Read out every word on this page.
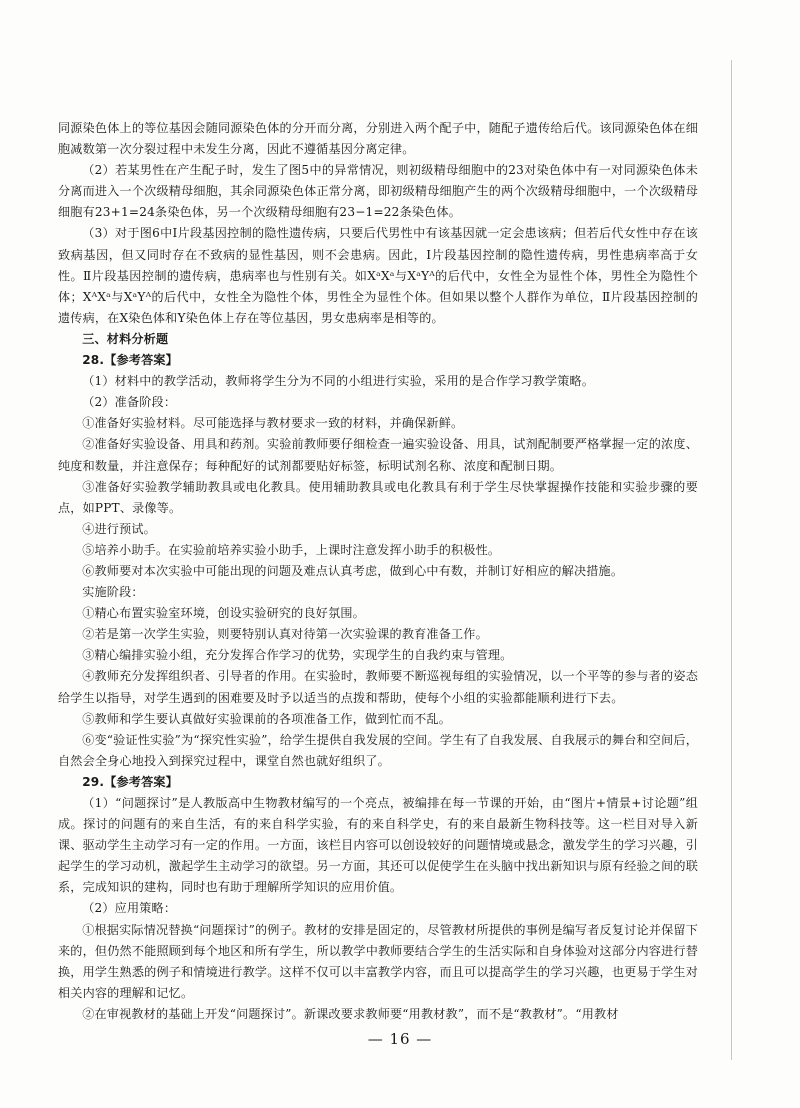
同源染色体上的等位基因会随同源染色体的分开而分离，分别进入两个配子中，随配子遗传给后代。该同源染色体在细胞减数第一次分裂过程中未发生分离，因此不遵循基因分离定律。

（2）若某男性在产生配子时，发生了图5中的异常情况，则初级精母细胞中的23对染色体中有一对同源染色体未分离而进入一个次级精母细胞，其余同源染色体正常分离，即初级精母细胞产生的两个次级精母细胞中，一个次级精母细胞有23+1=24条染色体，另一个次级精母细胞有23−1=22条染色体。

（3）对于图6中Ⅰ片段基因控制的隐性遗传病，只要后代男性中有该基因就一定会患该病；但若后代女性中存在该致病基因，但又同时存在不致病的显性基因，则不会患病。因此，Ⅰ片段基因控制的隐性遗传病，男性患病率高于女性。Ⅱ片段基因控制的遗传病，患病率也与性别有关。如XᵃXᵃ与XᵃYᴬ的后代中，女性全为显性个体，男性全为隐性个体；XᴬXᵃ与XᵃYᴬ的后代中，女性全为隐性个体，男性全为显性个体。但如果以整个人群作为单位，Ⅱ片段基因控制的遗传病，在X染色体和Y染色体上存在等位基因，男女患病率是相等的。

三、材料分析题

28.【参考答案】

（1）材料中的教学活动，教师将学生分为不同的小组进行实验，采用的是合作学习教学策略。

（2）准备阶段：

①准备好实验材料。尽可能选择与教材要求一致的材料，并确保新鲜。

②准备好实验设备、用具和药剂。实验前教师要仔细检查一遍实验设备、用具，试剂配制要严格掌握一定的浓度、纯度和数量，并注意保存；每种配好的试剂都要贴好标签，标明试剂名称、浓度和配制日期。

③准备好实验教学辅助教具或电化教具。使用辅助教具或电化教具有利于学生尽快掌握操作技能和实验步骤的要点，如PPT、录像等。

④进行预试。

⑤培养小助手。在实验前培养实验小助手，上课时注意发挥小助手的积极性。

⑥教师要对本次实验中可能出现的问题及难点认真考虑，做到心中有数，并制订好相应的解决措施。

实施阶段：

①精心布置实验室环境，创设实验研究的良好氛围。

②若是第一次学生实验，则要特别认真对待第一次实验课的教育准备工作。

③精心编排实验小组，充分发挥合作学习的优势，实现学生的自我约束与管理。

④教师充分发挥组织者、引导者的作用。在实验时，教师要不断巡视每组的实验情况，以一个平等的参与者的姿态给学生以指导，对学生遇到的困难要及时予以适当的点拨和帮助，使每个小组的实验都能顺利进行下去。

⑤教师和学生要认真做好实验课前的各项准备工作，做到忙而不乱。

⑥变“验证性实验”为“探究性实验”，给学生提供自我发展的空间。学生有了自我发展、自我展示的舞台和空间后，自然会全身心地投入到探究过程中，课堂自然也就好组织了。

29.【参考答案】

（1）“问题探讨”是人教版高中生物教材编写的一个亮点，被编排在每一节课的开始，由“图片+情景+讨论题”组成。探讨的问题有的来自生活，有的来自科学实验，有的来自科学史，有的来自最新生物科技等。这一栏目对导入新课、驱动学生主动学习有一定的作用。一方面，该栏目内容可以创设较好的问题情境或悬念，激发学生的学习兴趣，引起学生的学习动机，激起学生主动学习的欲望。另一方面，其还可以促使学生在头脑中找出新知识与原有经验之间的联系，完成知识的建构，同时也有助于理解所学知识的应用价值。

（2）应用策略：

①根据实际情况替换“问题探讨”的例子。教材的安排是固定的，尽管教材所提供的事例是编写者反复讨论并保留下来的，但仍然不能照顾到每个地区和所有学生，所以教学中教师要结合学生的生活实际和自身体验对这部分内容进行替换，用学生熟悉的例子和情境进行教学。这样不仅可以丰富教学内容，而且可以提高学生的学习兴趣，也更易于学生对相关内容的理解和记忆。

②在审视教材的基础上开发“问题探讨”。新课改要求教师要“用教材教”，而不是“教教材”。“用教材

— 16 —
